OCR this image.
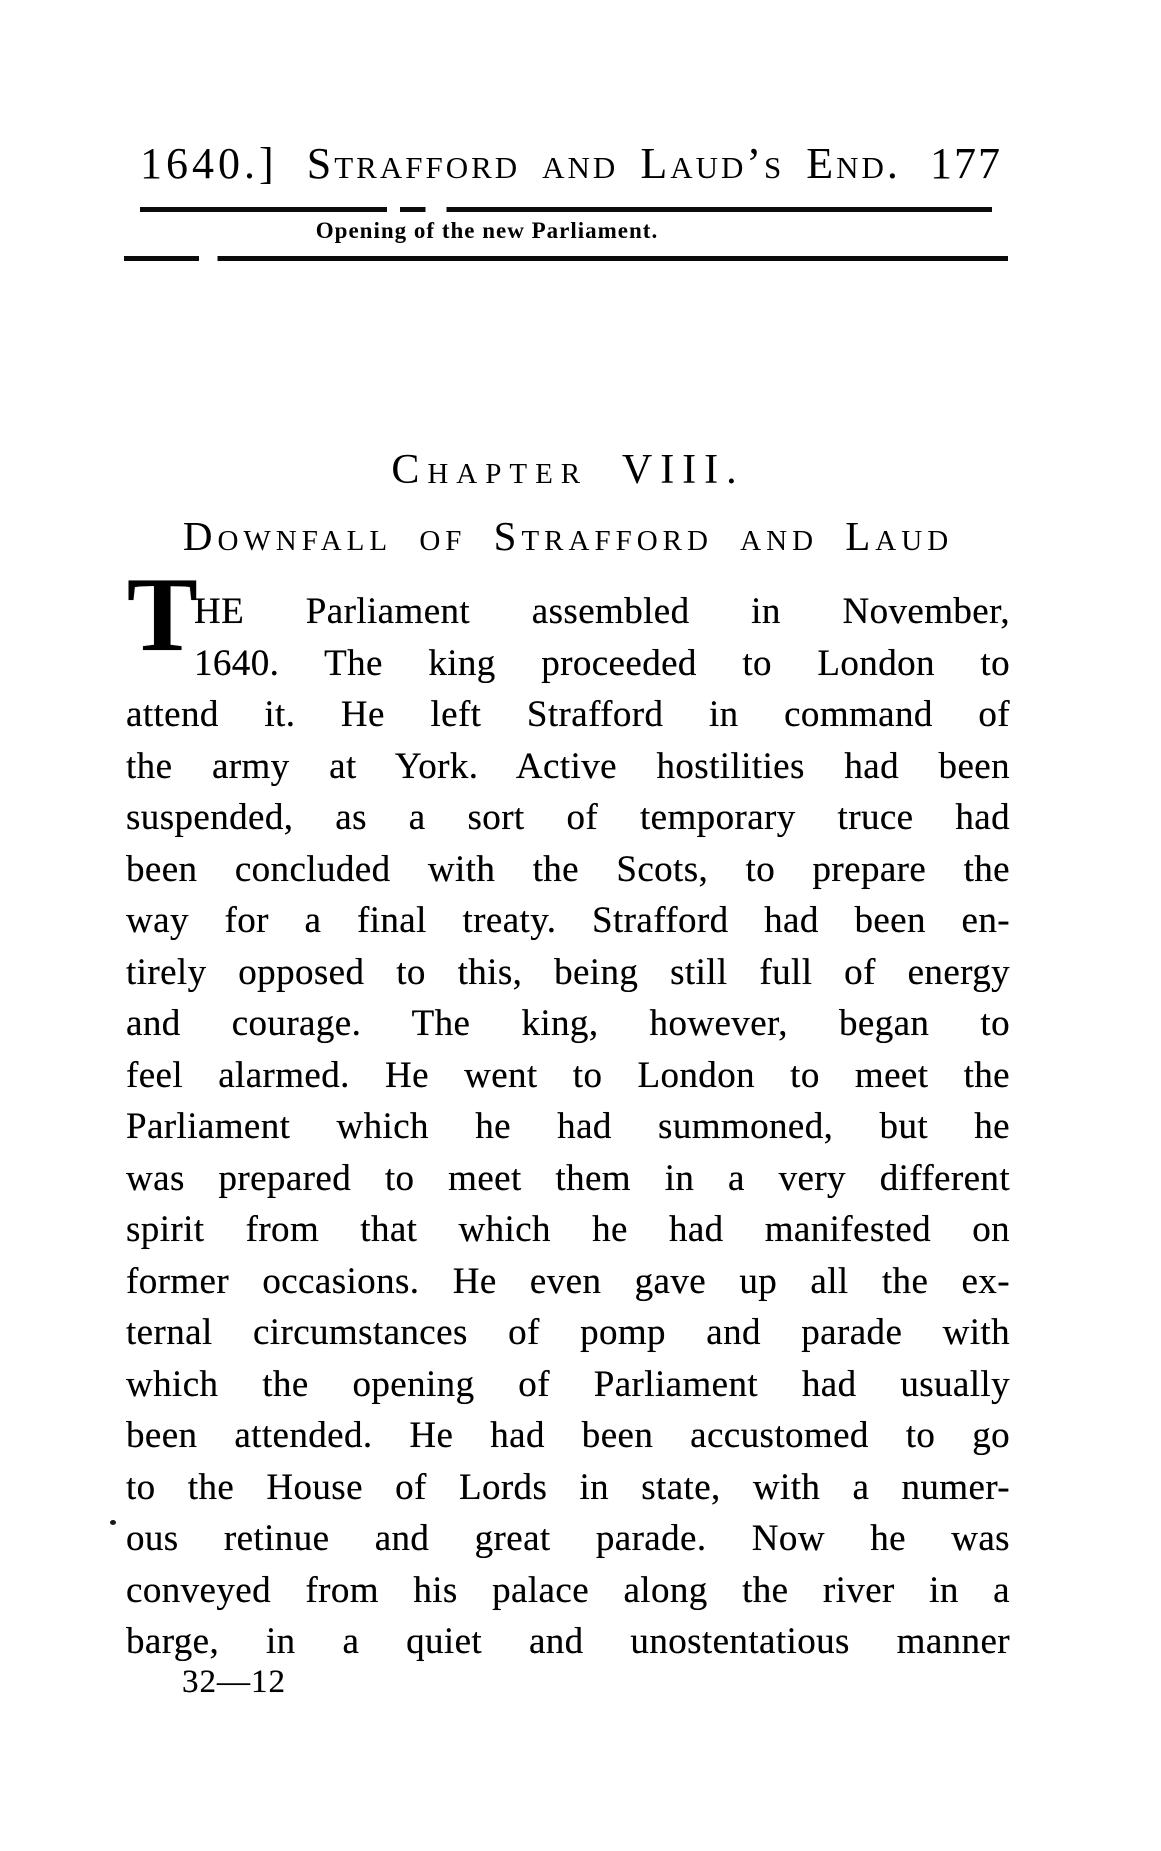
1640.] Strafford and Laud’s End. 177
Opening of the new Parliament.
Chapter VIII.
Downfall of Strafford and Laud
T
HE Parliament assembled in November,
1640. The king proceeded to London to
attend it. He left Strafford in command of
the army at York. Active hostilities had been
suspended, as a sort of temporary truce had
been concluded with the Scots, to prepare the
way for a final treaty. Strafford had been en-
tirely opposed to this, being still full of energy
and courage. The king, however, began to
feel alarmed. He went to London to meet the
Parliament which he had summoned, but he
was prepared to meet them in a very different
spirit from that which he had manifested on
former occasions. He even gave up all the ex-
ternal circumstances of pomp and parade with
which the opening of Parliament had usually
been attended. He had been accustomed to go
to the House of Lords in state, with a numer-
ous retinue and great parade. Now he was
conveyed from his palace along the river in a
barge, in a quiet and unostentatious manner
32—12
